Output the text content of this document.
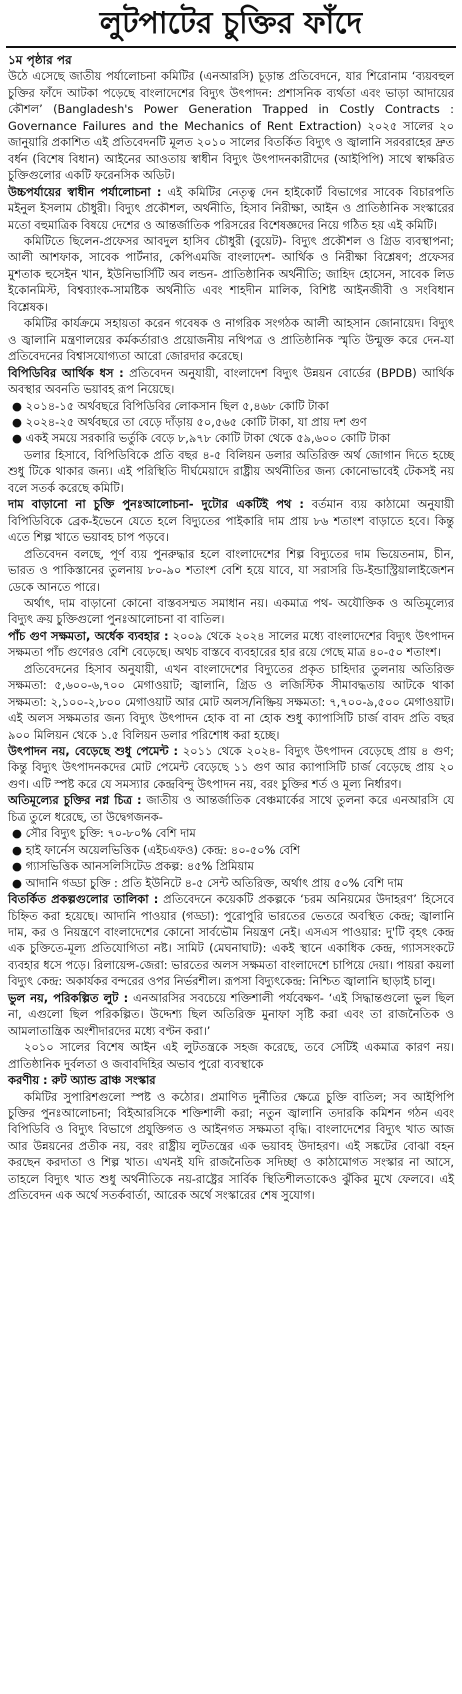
লুটপাটের চুক্তির ফাঁদে

১ম পৃষ্ঠার পর

উঠে এসেছে জাতীয় পর্যালোচনা কমিটির (এনআরসি) চূড়ান্ত প্রতিবেদনে, যার শিরোনাম ‘ব্যয়বহুল চুক্তির ফাঁদে আটকা পড়েছে বাংলাদেশের বিদ্যুৎ উৎপাদন: প্রশাসনিক ব্যর্থতা এবং ভাড়া আদায়ের কৌশল’ (Bangladesh's Power Generation Trapped in Costly Contracts : Governance Failures and the Mechanics of Rent Extraction) ২০২৫ সালের ২০ জানুয়ারি প্রকাশিত এই প্রতিবেদনটি মূলত ২০১০ সালের বিতর্কিত বিদ্যুৎ ও জ্বালানি সরবরাহের দ্রুত বর্ধন (বিশেষ বিধান) আইনের আওতায় স্বাধীন বিদ্যুৎ উৎপাদনকারীদের (আইপিপি) সাথে স্বাক্ষরিত চুক্তিগুলোর একটি ফরেনসিক অডিট।

উচ্চপর্যায়ের স্বাধীন পর্যালোচনা : এই কমিটির নেতৃত্ব দেন হাইকোর্ট বিভাগের সাবেক বিচারপতি মইনুল ইসলাম চৌধুরী। বিদ্যুৎ প্রকৌশল, অর্থনীতি, হিসাব নিরীক্ষা, আইন ও প্রাতিষ্ঠানিক সংস্কারের মতো বহুমাত্রিক বিষয়ে দেশের ও আন্তর্জাতিক পরিসরের বিশেষজ্ঞদের নিয়ে গঠিত হয় এই কমিটি।

কমিটিতে ছিলেন-প্রফেসর আবদুল হাসিব চৌধুরী (বুয়েট)- বিদ্যুৎ প্রকৌশল ও গ্রিড ব্যবস্থাপনা; আলী আশফাক, সাবেক পার্টনার, কেপিএমজি বাংলাদেশ- আর্থিক ও নিরীক্ষা বিশ্লেষণ; প্রফেসর মুশতাক হুসেইন খান, ইউনিভার্সিটি অব লন্ডন- প্রাতিষ্ঠানিক অর্থনীতি; জাহিদ হোসেন, সাবেক লিড ইকোনমিস্ট, বিশ্বব্যাংক-সামষ্টিক অর্থনীতি এবং শাহদীন মালিক, বিশিষ্ট আইনজীবী ও সংবিধান বিশ্লেষক।

কমিটির কার্যক্রমে সহায়তা করেন গবেষক ও নাগরিক সংগঠক আলী আহসান জোনায়েদ। বিদ্যুৎ ও জ্বালানি মন্ত্রণালয়ের কর্মকর্তারাও প্রয়োজনীয় নথিপত্র ও প্রাতিষ্ঠানিক স্মৃতি উন্মুক্ত করে দেন-যা প্রতিবেদনের বিশ্বাসযোগ্যতা আরো জোরদার করেছে।

বিপিডিবির আর্থিক ধস : প্রতিবেদন অনুযায়ী, বাংলাদেশ বিদ্যুৎ উন্নয়ন বোর্ডের (BPDB) আর্থিক অবস্থার অবনতি ভয়াবহ রূপ নিয়েছে।

● ২০১৪-১৫ অর্থবছরে বিপিডিবির লোকসান ছিল ৫,৪৬৮ কোটি টাকা

● ২০২৪-২৫ অর্থবছরে তা বেড়ে দাঁড়ায় ৫০,৫৬৫ কোটি টাকা, যা প্রায় দশ গুণ

● একই সময়ে সরকারি ভর্তুকি বেড়ে ৮,৯৭৮ কোটি টাকা থেকে ৫৯,৬০০ কোটি টাকা

ডলার হিসাবে, বিপিডিবিকে প্রতি বছর ৪-৫ বিলিয়ন ডলার অতিরিক্ত অর্থ জোগান দিতে হচ্ছে শুধু টিকে থাকার জন্য। এই পরিস্থিতি দীর্ঘমেয়াদে রাষ্ট্রীয় অর্থনীতির জন্য কোনোভাবেই টেকসই নয় বলে সতর্ক করেছে কমিটি।

দাম বাড়ানো না চুক্তি পুনঃআলোচনা- দুটোর একটিই পথ : বর্তমান ব্যয় কাঠামো অনুযায়ী বিপিডিবিকে ব্রেক-ইভেনে যেতে হলে বিদ্যুতের পাইকারি দাম প্রায় ৮৬ শতাংশ বাড়াতে হবে। কিন্তু এতে শিল্প খাতে ভয়াবহ চাপ পড়বে।

প্রতিবেদন বলছে, পূর্ণ ব্যয় পুনরুদ্ধার হলে বাংলাদেশের শিল্প বিদ্যুতের দাম ভিয়েতনাম, চীন, ভারত ও পাকিস্তানের তুলনায় ৮০-৯০ শতাংশ বেশি হয়ে যাবে, যা সরাসরি ডি-ইন্ডাস্ট্রিয়ালাইজেশন ডেকে আনতে পারে।

অর্থাৎ, দাম বাড়ানো কোনো বাস্তবসম্মত সমাধান নয়। একমাত্র পথ- অযৌক্তিক ও অতিমূল্যের বিদ্যুৎ ক্রয় চুক্তিগুলো পুনঃআলোচনা বা বাতিল।

পাঁচ গুণ সক্ষমতা, অর্ধেক ব্যবহার : ২০০৯ থেকে ২০২৪ সালের মধ্যে বাংলাদেশের বিদ্যুৎ উৎপাদন সক্ষমতা পাঁচ গুণেরও বেশি বেড়েছে। অথচ বাস্তবে ব্যবহারের হার রয়ে গেছে মাত্র ৪০-৫০ শতাংশ।

প্রতিবেদনের হিসাব অনুযায়ী, এখন বাংলাদেশের বিদ্যুতের প্রকৃত চাহিদার তুলনায় অতিরিক্ত সক্ষমতা: ৫,৬০০-৬,৭০০ মেগাওয়াট; জ্বালানি, গ্রিড ও লজিস্টিক সীমাবদ্ধতায় আটকে থাকা সক্ষমতা: ২,১০০-২,৮০০ মেগাওয়াট আর মোট অলস/নিষ্ক্রিয় সক্ষমতা: ৭,৭০০-৯,৫০০ মেগাওয়াট। এই অলস সক্ষমতার জন্য বিদ্যুৎ উৎপাদন হোক বা না হোক শুধু ক্যাপাসিটি চার্জ বাবদ প্রতি বছর ৯০০ মিলিয়ন থেকে ১.৫ বিলিয়ন ডলার পরিশোধ করা হচ্ছে।

উৎপাদন নয়, বেড়েছে শুধু পেমেন্ট : ২০১১ থেকে ২০২৪- বিদ্যুৎ উৎপাদন বেড়েছে প্রায় ৪ গুণ; কিন্তু বিদ্যুৎ উৎপাদনকদের মোট পেমেন্ট বেড়েছে ১১ গুণ আর ক্যাপাসিটি চার্জ বেড়েছে প্রায় ২০ গুণ। এটি স্পষ্ট করে যে সমস্যার কেন্দ্রবিন্দু উৎপাদন নয়, বরং চুক্তির শর্ত ও মূল্য নির্ধারণ।

অতিমূল্যের চুক্তির নগ্ন চিত্র : জাতীয় ও আন্তর্জাতিক বেঞ্চমার্কের সাথে তুলনা করে এনআরসি যে চিত্র তুলে ধরেছে, তা উদ্বেগজনক-

● সৌর বিদ্যুৎ চুক্তি: ৭০-৮০% বেশি দাম

● হাই ফার্নেস অয়েলভিত্তিক (এইচএফও) কেন্দ্র: ৪০-৫০% বেশি

● গ্যাসভিত্তিক আনসলিসিটেড প্রকল্প: ৪৫% প্রিমিয়াম

● আদানি গড্ডা চুক্তি : প্রতি ইউনিটে ৪-৫ সেন্ট অতিরিক্ত, অর্থাৎ প্রায় ৫০% বেশি দাম

বিতর্কিত প্রকল্পগুলোর তালিকা : প্রতিবেদনে কয়েকটি প্রকল্পকে ‘চরম অনিয়মের উদাহরণ’ হিসেবে চিহ্নিত করা হয়েছে। আদানি পাওয়ার (গড্ডা): পুরোপুরি ভারতের ভেতরে অবস্থিত কেন্দ্র; জ্বালানি দাম, কর ও নিয়ন্ত্রণে বাংলাদেশের কোনো সার্বভৌম নিয়ন্ত্রণ নেই। এসএস পাওয়ার: দু'টি বৃহৎ কেন্দ্র এক চুক্তিতে-মূল্য প্রতিযোগিতা নষ্ট। সামিট (মেঘনাঘাট): একই স্থানে একাধিক কেন্দ্র, গ্যাসসংকটে ব্যবহার ধসে পড়ে। রিলায়েন্স-জেরা: ভারতের অলস সক্ষমতা বাংলাদেশে চাপিয়ে দেয়া। পায়রা কয়লা বিদ্যুৎ কেন্দ্র: অকার্যকর বন্দরের ওপর নির্ভরশীল। রূপসা বিদ্যুৎকেন্দ্র: নিশ্চিত জ্বালানি ছাড়াই চালু।

ভুল নয়, পরিকল্পিত লুট : এনআরসির সবচেয়ে শক্তিশালী পর্যবেক্ষণ- ‘এই সিদ্ধান্তগুলো ভুল ছিল না, এগুলো ছিল পরিকল্পিত। উদ্দেশ্য ছিল অতিরিক্ত মুনাফা সৃষ্টি করা এবং তা রাজনৈতিক ও আমলাতান্ত্রিক অংশীদারদের মধ্যে বণ্টন করা।’

২০১০ সালের বিশেষ আইন এই লুটতন্ত্রকে সহজ করেছে, তবে সেটিই একমাত্র কারণ নয়। প্রাতিষ্ঠানিক দুর্বলতা ও জবাবদিহির অভাব পুরো ব্যবস্থাকে

করণীয় : রুট অ্যান্ড ব্রাঞ্চ সংস্কার

কমিটির সুপারিশগুলো স্পষ্ট ও কঠোর। প্রমাণিত দুর্নীতির ক্ষেত্রে চুক্তি বাতিল; সব আইপিপি চুক্তির পুনঃআলোচনা; বিইআরসিকে শক্তিশালী করা; নতুন জ্বালানি তদারকি কমিশন গঠন এবং বিপিডিবি ও বিদ্যুৎ বিভাগে প্রযুক্তিগত ও আইনগত সক্ষমতা বৃদ্ধি। বাংলাদেশের বিদ্যুৎ খাত আজ আর উন্নয়নের প্রতীক নয়, বরং রাষ্ট্রীয় লুটতন্ত্রের এক ভয়াবহ উদাহরণ। এই সঙ্কটের বোঝা বহন করছেন করদাতা ও শিল্প খাত। এখনই যদি রাজনৈতিক সদিচ্ছা ও কাঠামোগত সংস্কার না আসে, তাহলে বিদ্যুৎ খাত শুধু অর্থনীতিকে নয়-রাষ্ট্রের সার্বিক স্থিতিশীলতাকেও ঝুঁকির মুখে ফেলবে। এই প্রতিবেদন এক অর্থে সতর্কবার্তা, আরেক অর্থে সংস্কারের শেষ সুযোগ।
